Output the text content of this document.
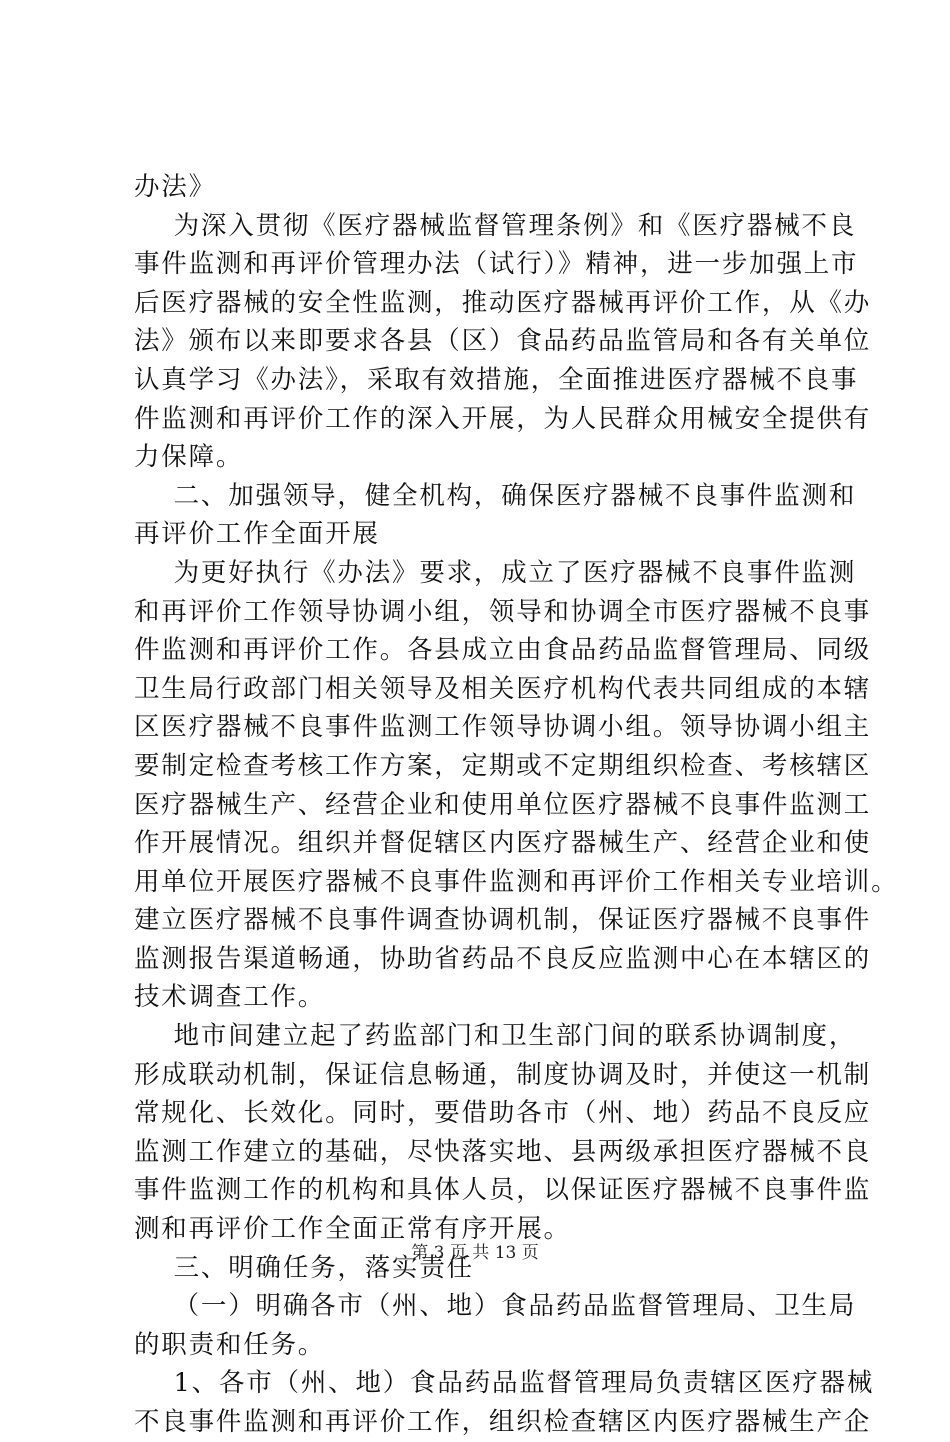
办法》
为深入贯彻《医疗器械监督管理条例》和《医疗器械不良
事件监测和再评价管理办法（试行）》精神，进一步加强上市
后医疗器械的安全性监测，推动医疗器械再评价工作，从《办
法》颁布以来即要求各县（区）食品药品监管局和各有关单位
认真学习《办法》，采取有效措施，全面推进医疗器械不良事
件监测和再评价工作的深入开展，为人民群众用械安全提供有
力保障。
二、加强领导，健全机构，确保医疗器械不良事件监测和
再评价工作全面开展
为更好执行《办法》要求，成立了医疗器械不良事件监测
和再评价工作领导协调小组，领导和协调全市医疗器械不良事
件监测和再评价工作。各县成立由食品药品监督管理局、同级
卫生局行政部门相关领导及相关医疗机构代表共同组成的本辖
区医疗器械不良事件监测工作领导协调小组。领导协调小组主
要制定检查考核工作方案，定期或不定期组织检查、考核辖区
医疗器械生产、经营企业和使用单位医疗器械不良事件监测工
作开展情况。组织并督促辖区内医疗器械生产、经营企业和使
用单位开展医疗器械不良事件监测和再评价工作相关专业培训。
建立医疗器械不良事件调查协调机制，保证医疗器械不良事件
监测报告渠道畅通，协助省药品不良反应监测中心在本辖区的
技术调查工作。
地市间建立起了药监部门和卫生部门间的联系协调制度，
形成联动机制，保证信息畅通，制度协调及时，并使这一机制
常规化、长效化。同时，要借助各市（州、地）药品不良反应
监测工作建立的基础，尽快落实地、县两级承担医疗器械不良
事件监测工作的机构和具体人员，以保证医疗器械不良事件监
测和再评价工作全面正常有序开展。
三、明确任务，落实责任
（一）明确各市（州、地）食品药品监督管理局、卫生局
的职责和任务。
1、各市（州、地）食品药品监督管理局负责辖区医疗器械
不良事件监测和再评价工作，组织检查辖区内医疗器械生产企
第 3 页 共 13 页
